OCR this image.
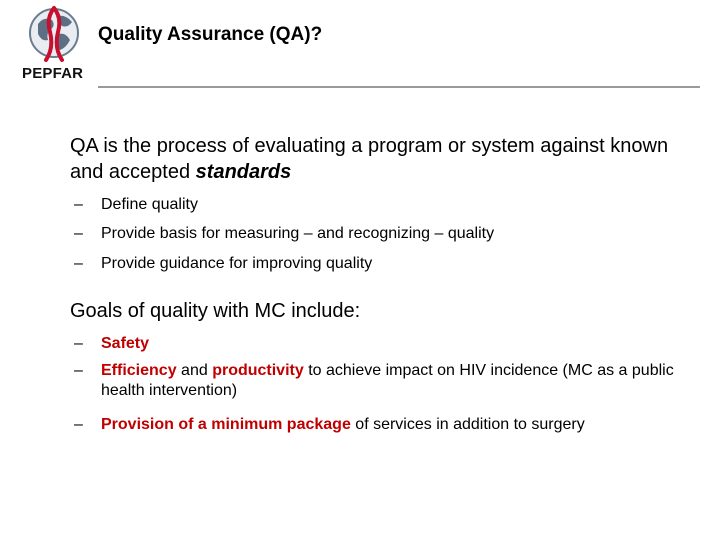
PEPFAR
Quality Assurance (QA)?
QA is the process of evaluating a program or system against known and accepted standards
– Define quality
– Provide basis for measuring – and recognizing – quality
– Provide guidance for improving quality
Goals of quality with MC include:
– Safety
– Efficiency and productivity to achieve impact on HIV incidence (MC as a public health intervention)
– Provision of a minimum package of services in addition to surgery
